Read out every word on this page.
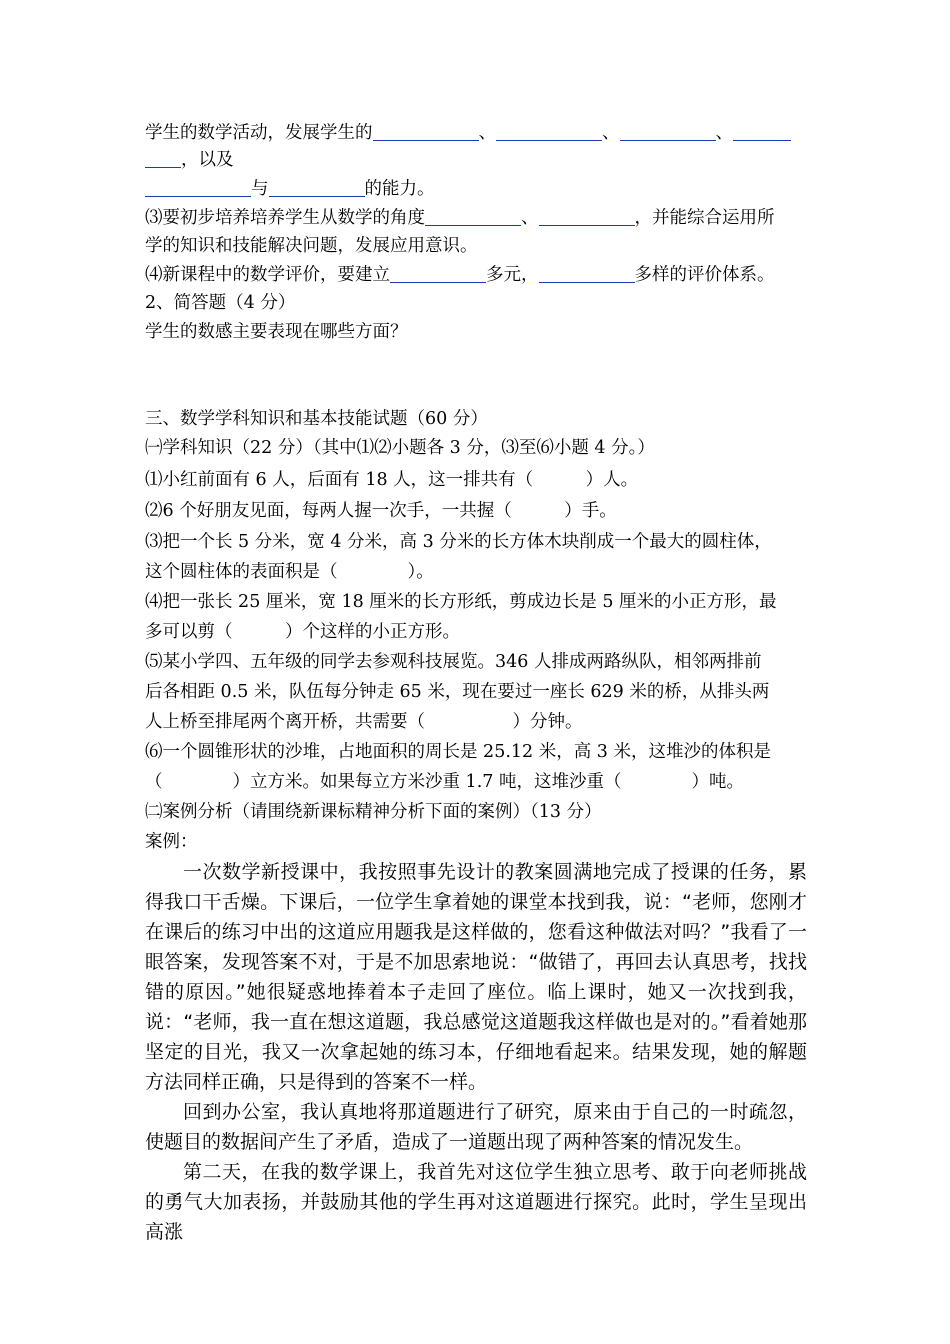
学生的数学活动，发展学生的	、	、	、
，以及
与	的能力。
⑶要初步培养培养学生从数学的角度	、	，并能综合运用所
学的知识和技能解决问题，发展应用意识。
⑷新课程中的数学评价，要建立	多元，	多样的评价体系。
2、简答题（4 分）
学生的数感主要表现在哪些方面？
三、数学学科知识和基本技能试题（60 分）
㈠学科知识（22 分）（其中⑴⑵小题各 3 分，⑶至⑹小题 4 分。）
⑴小红前面有 6 人，后面有 18 人，这一排共有（　　　）人。
⑵6 个好朋友见面，每两人握一次手，一共握（　　　）手。
⑶把一个长 5 分米，宽 4 分米，高 3 分米的长方体木块削成一个最大的圆柱体，
这个圆柱体的表面积是（　　　　）。
⑷把一张长 25 厘米，宽 18 厘米的长方形纸，剪成边长是 5 厘米的小正方形，最
多可以剪（　　　）个这样的小正方形。
⑸某小学四、五年级的同学去参观科技展览。346 人排成两路纵队，相邻两排前
后各相距 0.5 米，队伍每分钟走 65 米，现在要过一座长 629 米的桥，从排头两
人上桥至排尾两个离开桥，共需要（　　　　　）分钟。
⑹一个圆锥形状的沙堆，占地面积的周长是 25.12 米，高 3 米，这堆沙的体积是
（　　　　）立方米。如果每立方米沙重 1.7 吨，这堆沙重（　　　　）吨。
㈡案例分析（请围绕新课标精神分析下面的案例）（13 分）
案例：

一次数学新授课中，我按照事先设计的教案圆满地完成了授课的任务，累得我口干舌燥。下课后，一位学生拿着她的课堂本找到我，说：“老师，您刚才在课后的练习中出的这道应用题我是这样做的，您看这种做法对吗？”我看了一眼答案，发现答案不对，于是不加思索地说：“做错了，再回去认真思考，找找错的原因。”她很疑惑地捧着本子走回了座位。临上课时，她又一次找到我，说：“老师，我一直在想这道题，我总感觉这道题我这样做也是对的。”看着她那坚定的目光，我又一次拿起她的练习本，仔细地看起来。结果发现，她的解题方法同样正确，只是得到的答案不一样。

回到办公室，我认真地将那道题进行了研究，原来由于自己的一时疏忽，使题目的数据间产生了矛盾，造成了一道题出现了两种答案的情况发生。

第二天，在我的数学课上，我首先对这位学生独立思考、敢于向老师挑战的勇气大加表扬，并鼓励其他的学生再对这道题进行探究。此时，学生呈现出高涨
